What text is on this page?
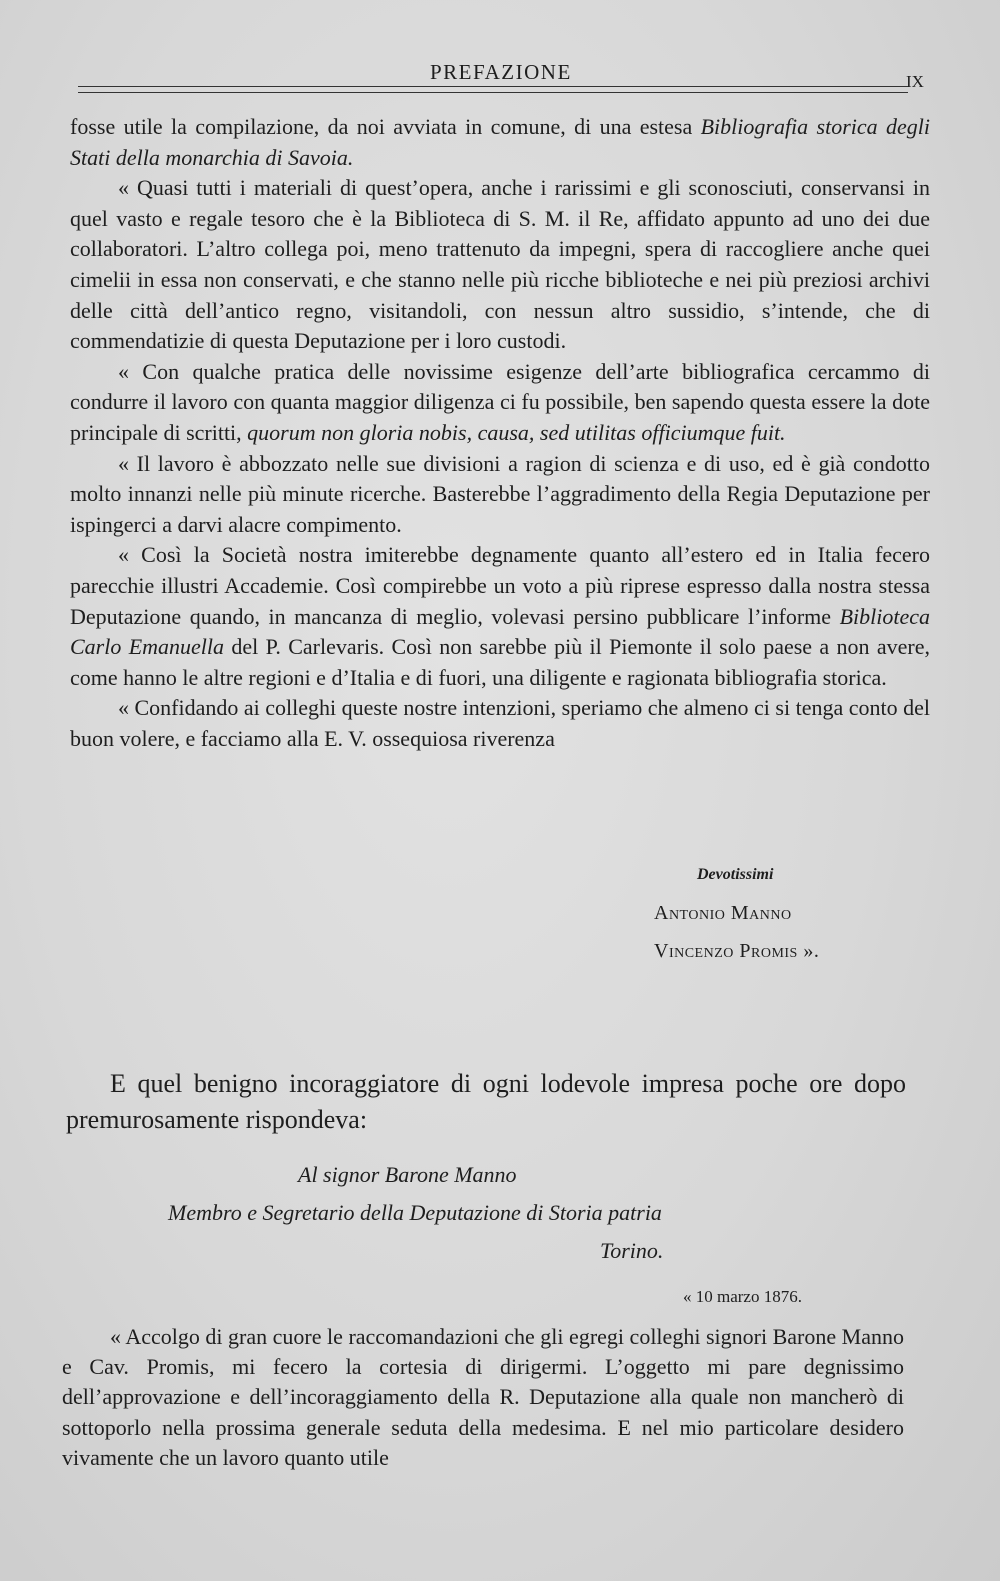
PREFAZIONE	IX

fosse utile la compilazione, da noi avviata in comune, di una estesa Bibliografia storica degli Stati della monarchia di Savoia.

« Quasi tutti i materiali di quest’opera, anche i rarissimi e gli sconosciuti, conservansi in quel vasto e regale tesoro che è la Biblioteca di S. M. il Re, affidato appunto ad uno dei due collaboratori. L’altro collega poi, meno trattenuto da impegni, spera di raccogliere anche quei cimelii in essa non conservati, e che stanno nelle più ricche biblioteche e nei più preziosi archivi delle città dell’antico regno, visitandoli, con nessun altro sussidio, s’intende, che di commendatizie di questa Deputazione per i loro custodi.

« Con qualche pratica delle novissime esigenze dell’arte bibliografica cercammo di condurre il lavoro con quanta maggior diligenza ci fu possibile, ben sapendo questa essere la dote principale di scritti, quorum non gloria nobis, causa, sed utilitas officiumque fuit.

« Il lavoro è abbozzato nelle sue divisioni a ragion di scienza e di uso, ed è già condotto molto innanzi nelle più minute ricerche. Basterebbe l’aggradimento della Regia Deputazione per ispingerci a darvi alacre compimento.

« Così la Società nostra imiterebbe degnamente quanto all’estero ed in Italia fecero parecchie illustri Accademie. Così compirebbe un voto a più riprese espresso dalla nostra stessa Deputazione quando, in mancanza di meglio, volevasi persino pubblicare l’informe Biblioteca Carlo Emanuella del P. Carlevaris. Così non sarebbe più il Piemonte il solo paese a non avere, come hanno le altre regioni e d’Italia e di fuori, una diligente e ragionata bibliografia storica.

« Confidando ai colleghi queste nostre intenzioni, speriamo che almeno ci si tenga conto del buon volere, e facciamo alla E. V. ossequiosa riverenza

Devotissimi
Antonio Manno
Vincenzo Promis ».

E quel benigno incoraggiatore di ogni lodevole impresa poche ore dopo premurosamente rispondeva:

Al signor Barone Manno
Membro e Segretario della Deputazione di Storia patria
Torino.
« 10 marzo 1876.

« Accolgo di gran cuore le raccomandazioni che gli egregi colleghi signori Barone Manno e Cav. Promis, mi fecero la cortesia di dirigermi. L’oggetto mi pare degnissimo dell’approvazione e dell’incoraggiamento della R. Deputazione alla quale non mancherò di sottoporlo nella prossima generale seduta della medesima. E nel mio particolare desidero vivamente che un lavoro quanto utile
